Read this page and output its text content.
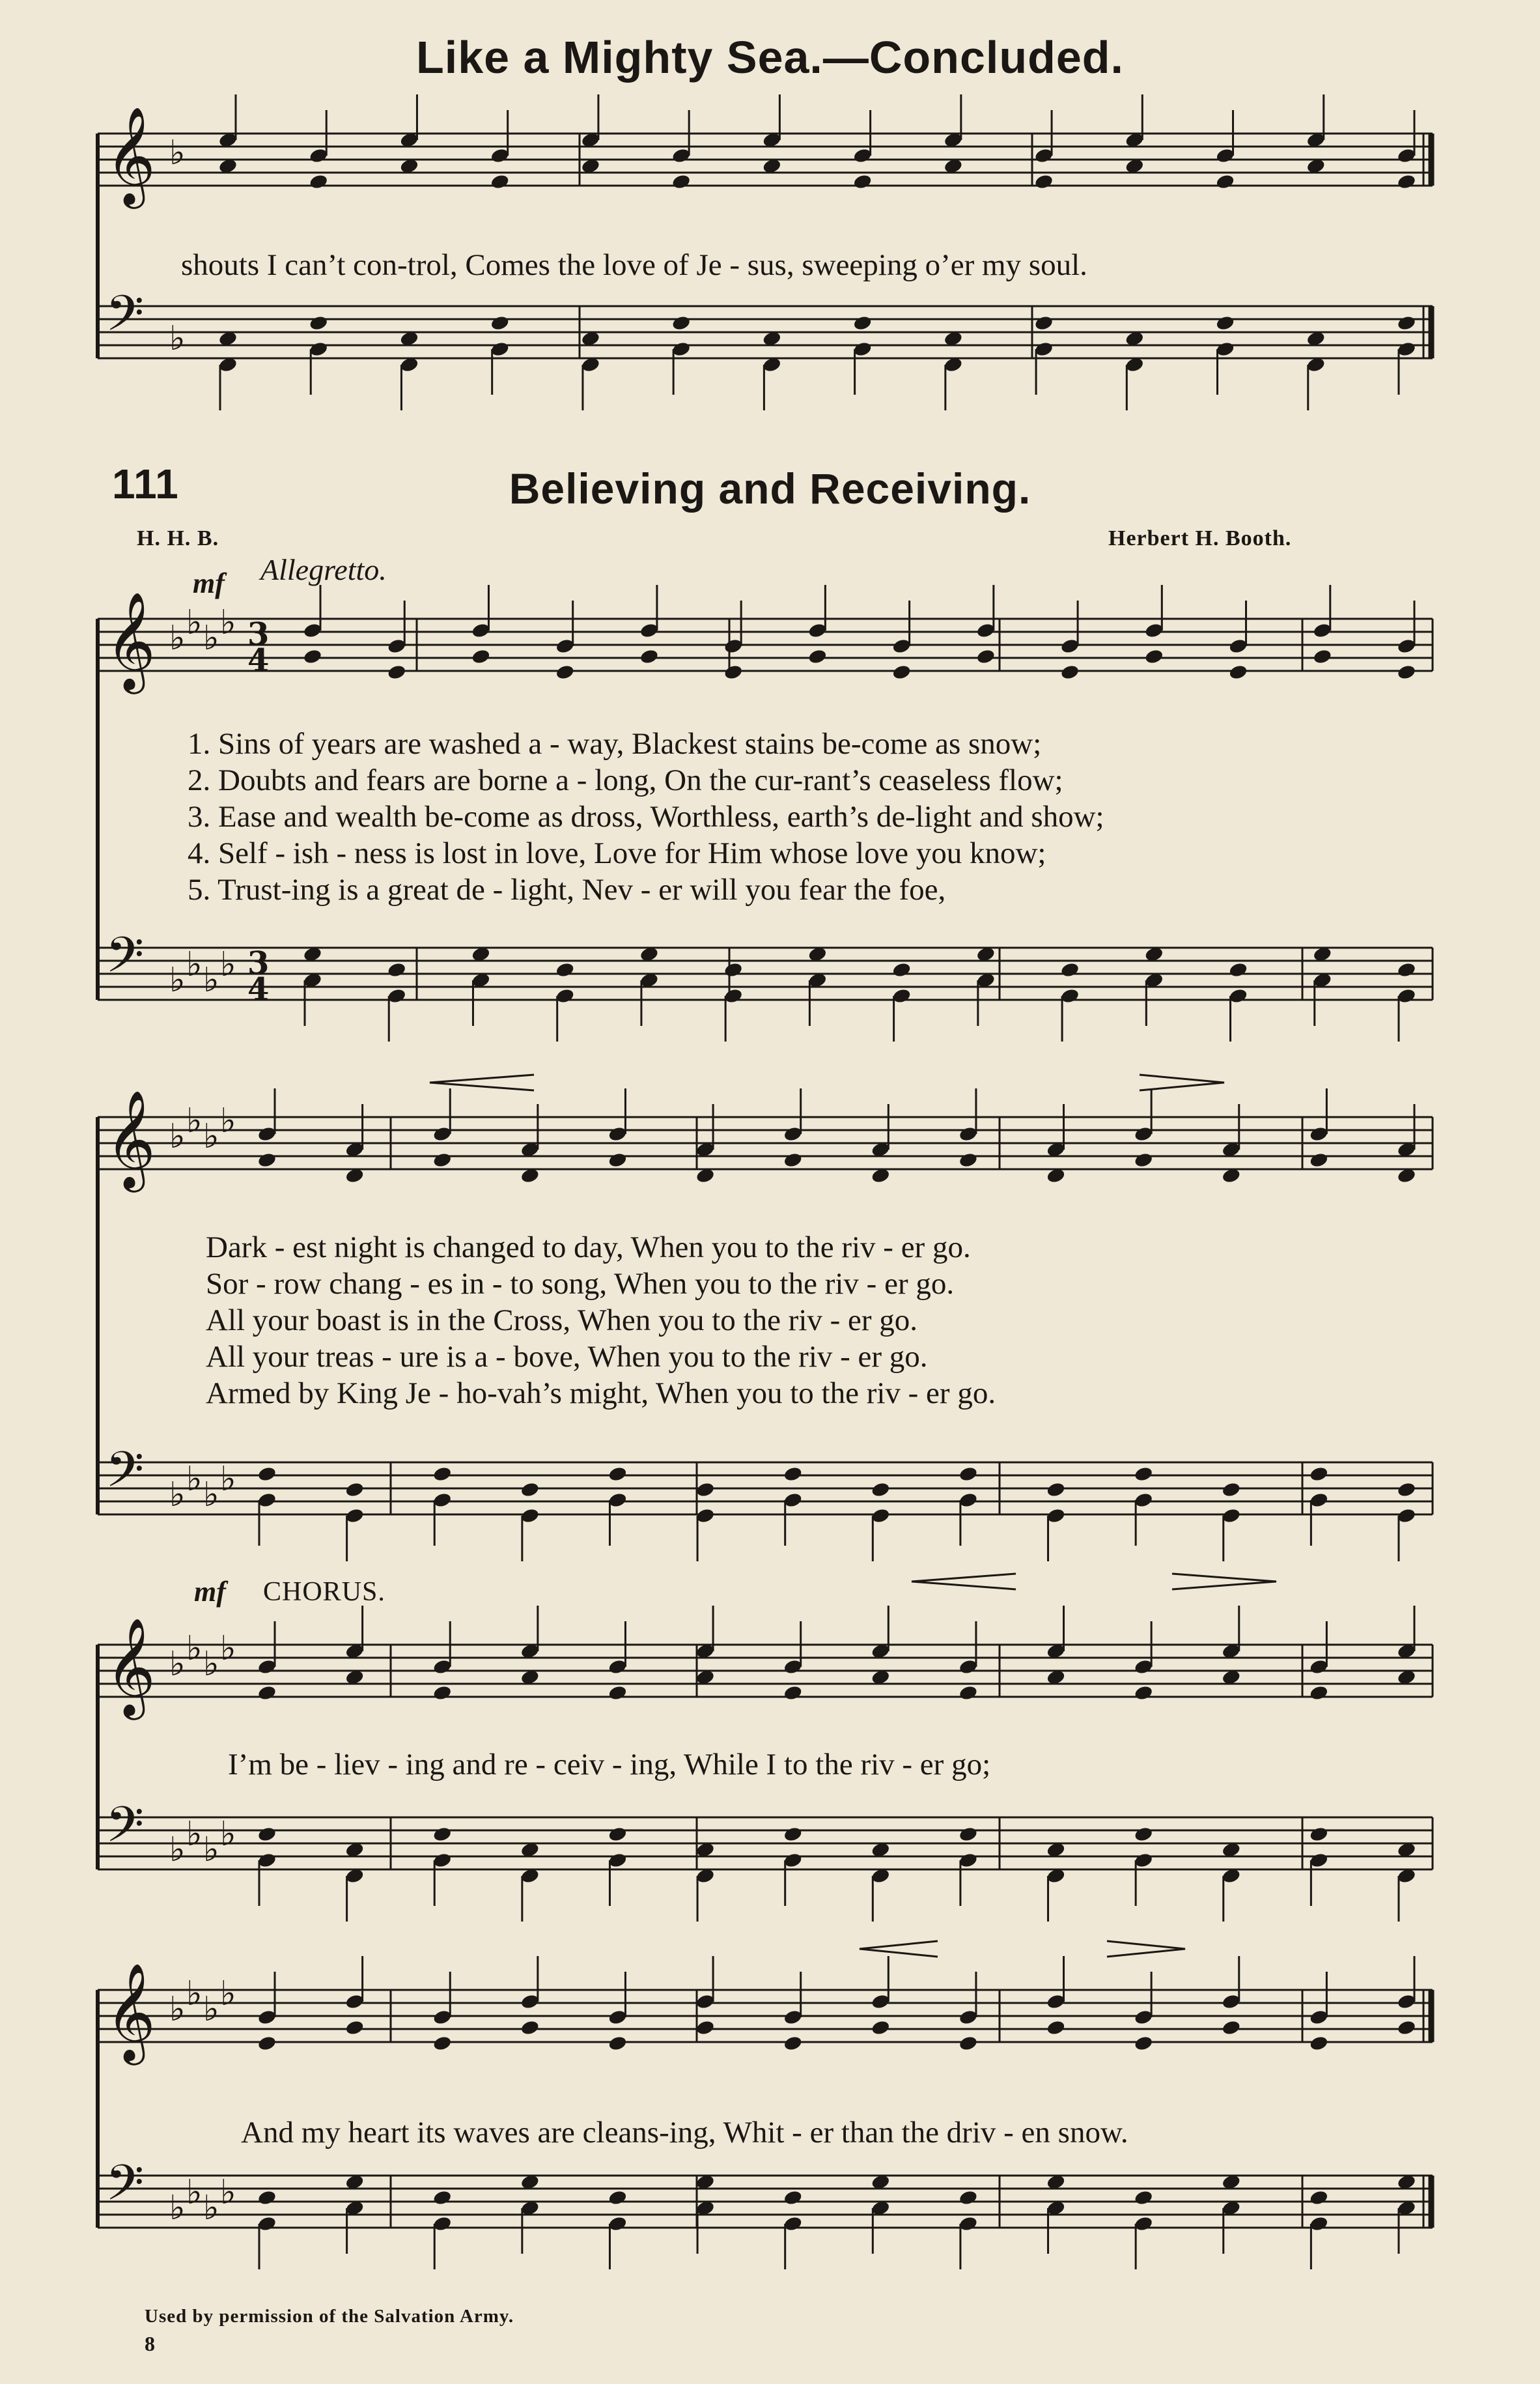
𝄞 ♭
𝄢 ♭
𝄞 ♭ ♭ ♭ ♭ 3
4
𝄢 ♭ ♭ ♭ ♭ 3
4
𝄞 ♭ ♭ ♭ ♭
𝄢 ♭ ♭ ♭ ♭
𝄞 ♭ ♭ ♭ ♭
𝄢 ♭ ♭ ♭ ♭
𝄞 ♭ ♭ ♭ ♭
𝄢 ♭ ♭ ♭ ♭
Like a Mighty Sea.—Concluded.
shouts I can’t con-trol, Comes the love of Je - sus, sweeping o’er my soul.
111	Believing and Receiving.
H. H. B.	Herbert H. Booth.
mf Allegretto.
1. Sins of years are washed a - way, Blackest stains be-come as snow;
2. Doubts and fears are borne a - long, On the cur-rant’s ceaseless flow;
3. Ease and wealth be-come as dross, Worthless, earth’s de-light and show;
4. Self - ish - ness is lost in love, Love for Him whose love you know;
5. Trust-ing is a great de - light, Nev - er will you fear the foe,
Dark - est night is changed to day, When you to the riv - er go.
Sor - row chang - es in - to song, When you to the riv - er go.
All your boast is in the Cross, When you to the riv - er go.
All your treas - ure is a - bove, When you to the riv - er go.
Armed by King Je - ho-vah’s might, When you to the riv - er go.
mf CHORUS.
I’m be - liev - ing and re - ceiv - ing, While I to the riv - er go;
And my heart its waves are cleans-ing, Whit - er than the driv - en snow.
Used by permission of the Salvation Army.
8
